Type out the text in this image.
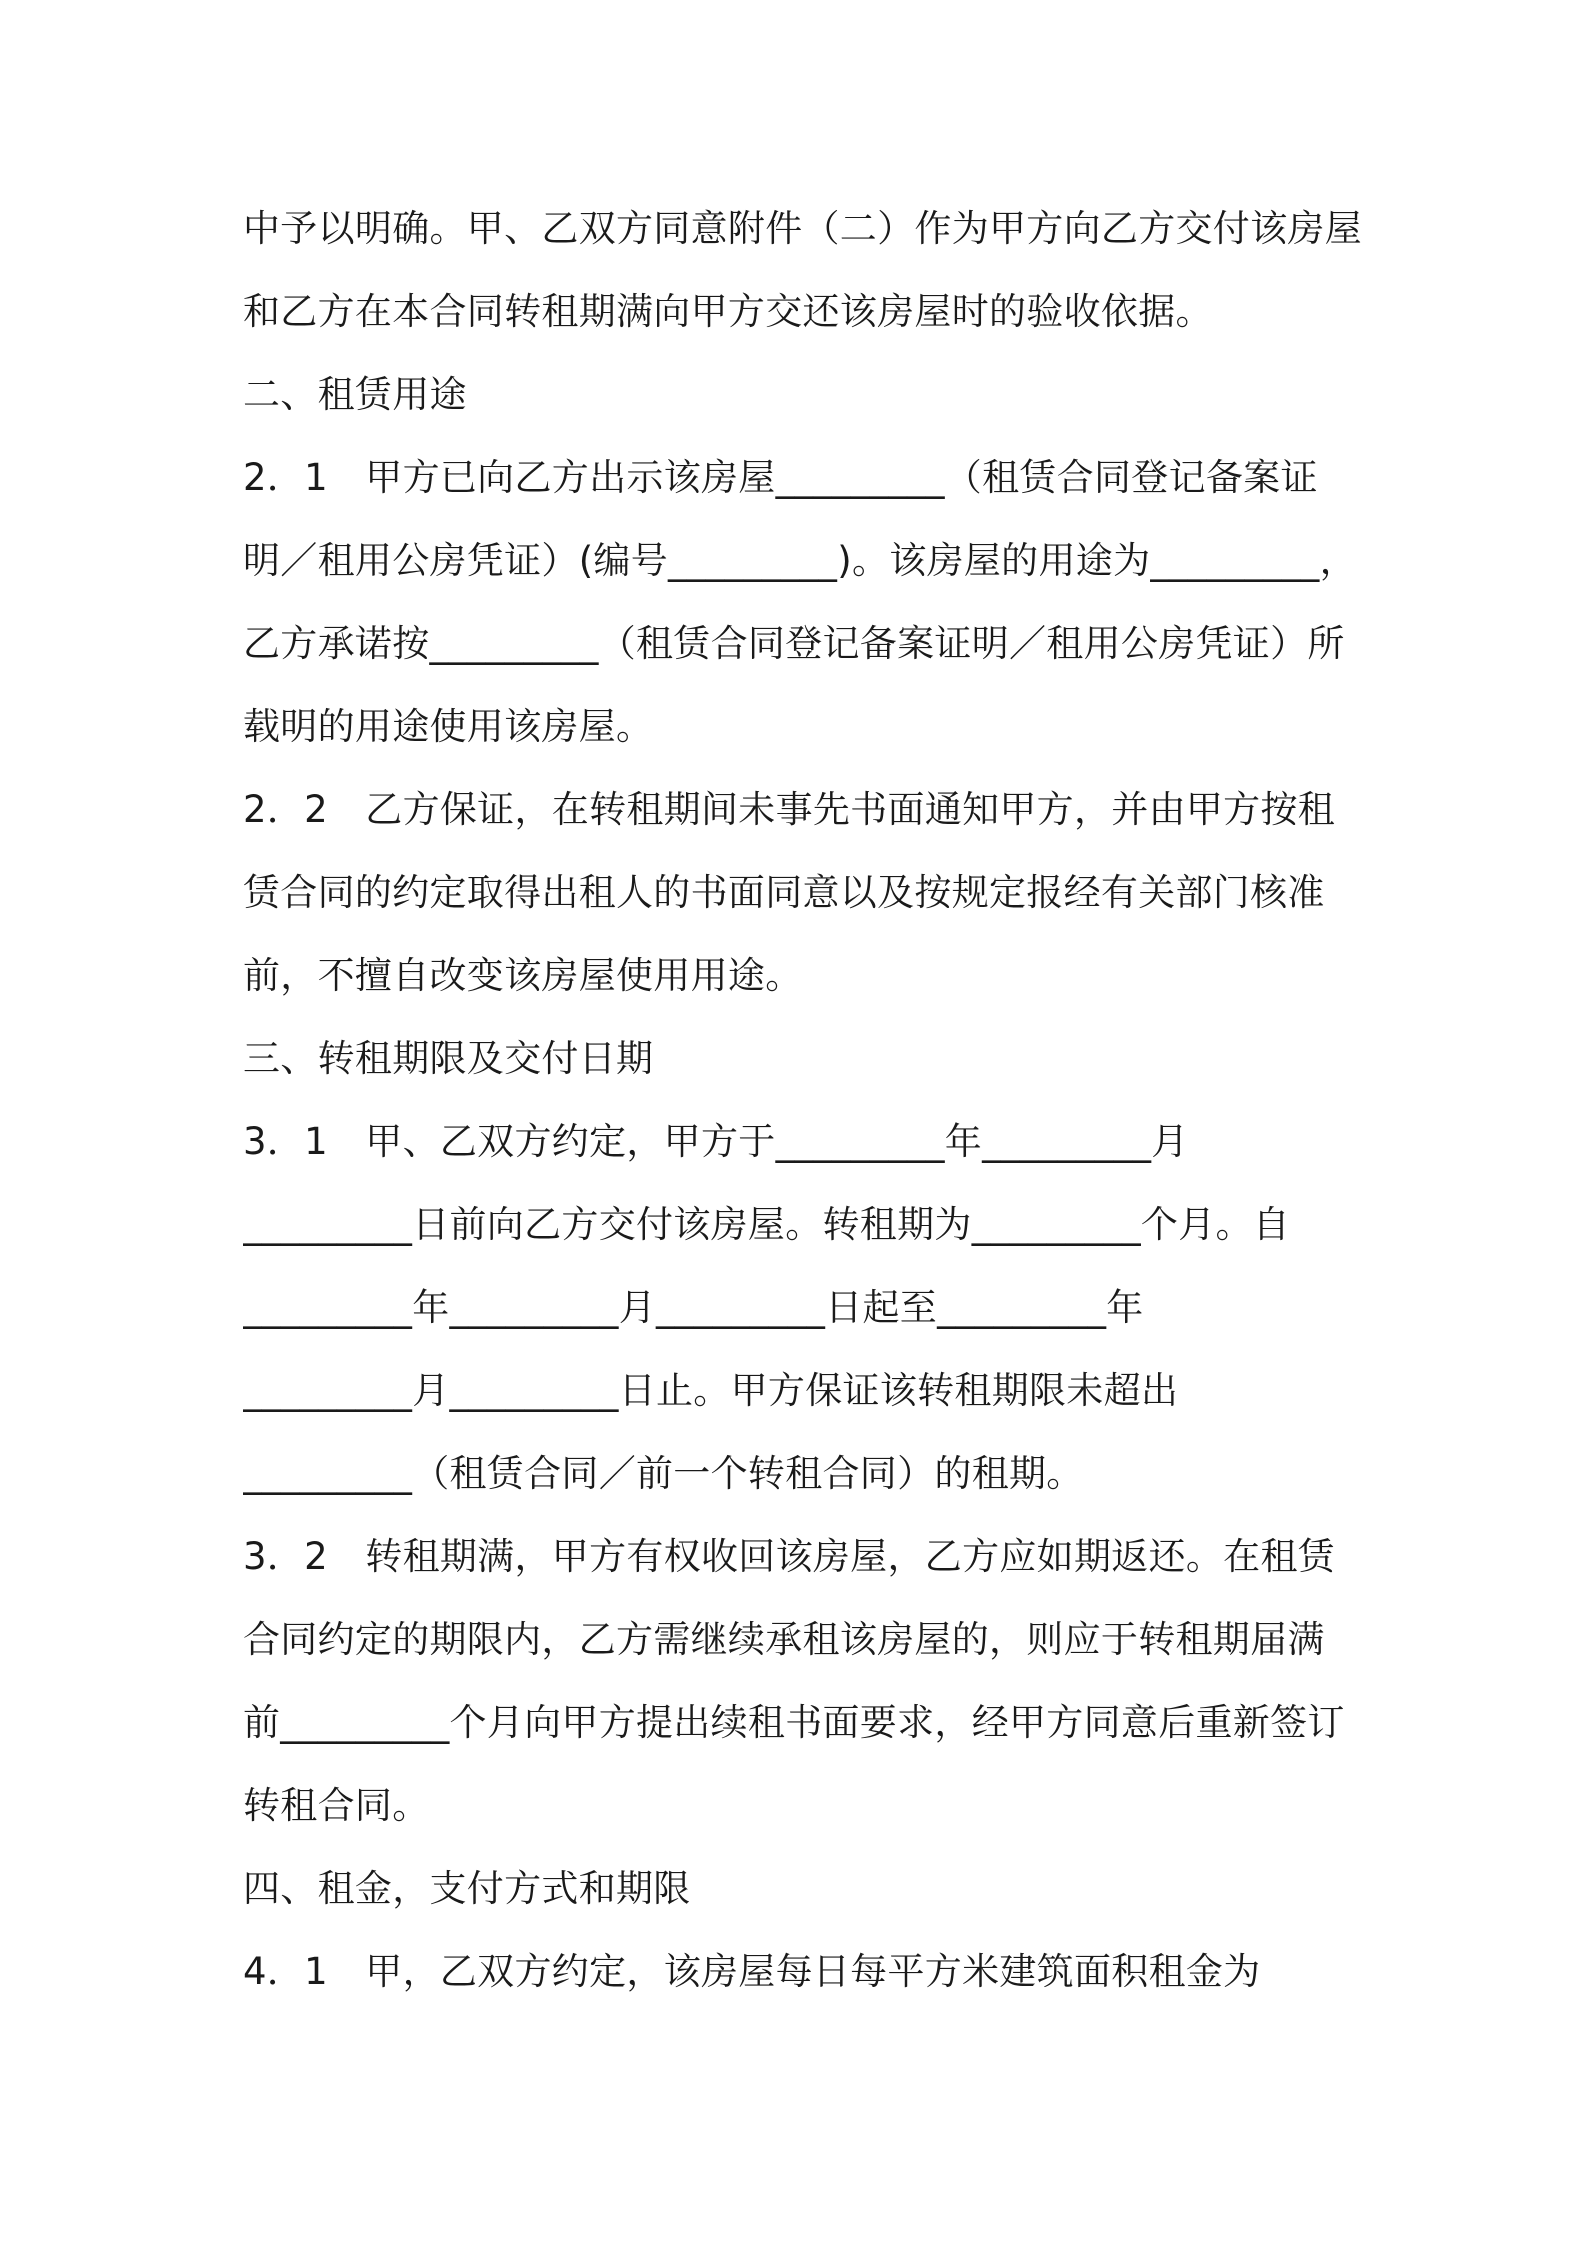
中予以明确。甲、乙双方同意附件（二）作为甲方向乙方交付该房屋
和乙方在本合同转租期满向甲方交还该房屋时的验收依据。
二、租赁用途
2．1　甲方已向乙方出示该房屋_________（租赁合同登记备案证
明／租用公房凭证）(编号_________)。该房屋的用途为_________，
乙方承诺按_________（租赁合同登记备案证明／租用公房凭证）所
载明的用途使用该房屋。
2．2　乙方保证，在转租期间未事先书面通知甲方，并由甲方按租
赁合同的约定取得出租人的书面同意以及按规定报经有关部门核准
前，不擅自改变该房屋使用用途。
三、转租期限及交付日期
3．1　甲、乙双方约定，甲方于_________年_________月
_________日前向乙方交付该房屋。转租期为_________个月。自
_________年_________月_________日起至_________年
_________月_________日止。甲方保证该转租期限未超出
_________（租赁合同／前一个转租合同）的租期。
3．2　转租期满，甲方有权收回该房屋，乙方应如期返还。在租赁
合同约定的期限内，乙方需继续承租该房屋的，则应于转租期届满
前_________个月向甲方提出续租书面要求，经甲方同意后重新签订
转租合同。
四、租金，支付方式和期限
4．1　甲，乙双方约定，该房屋每日每平方米建筑面积租金为
